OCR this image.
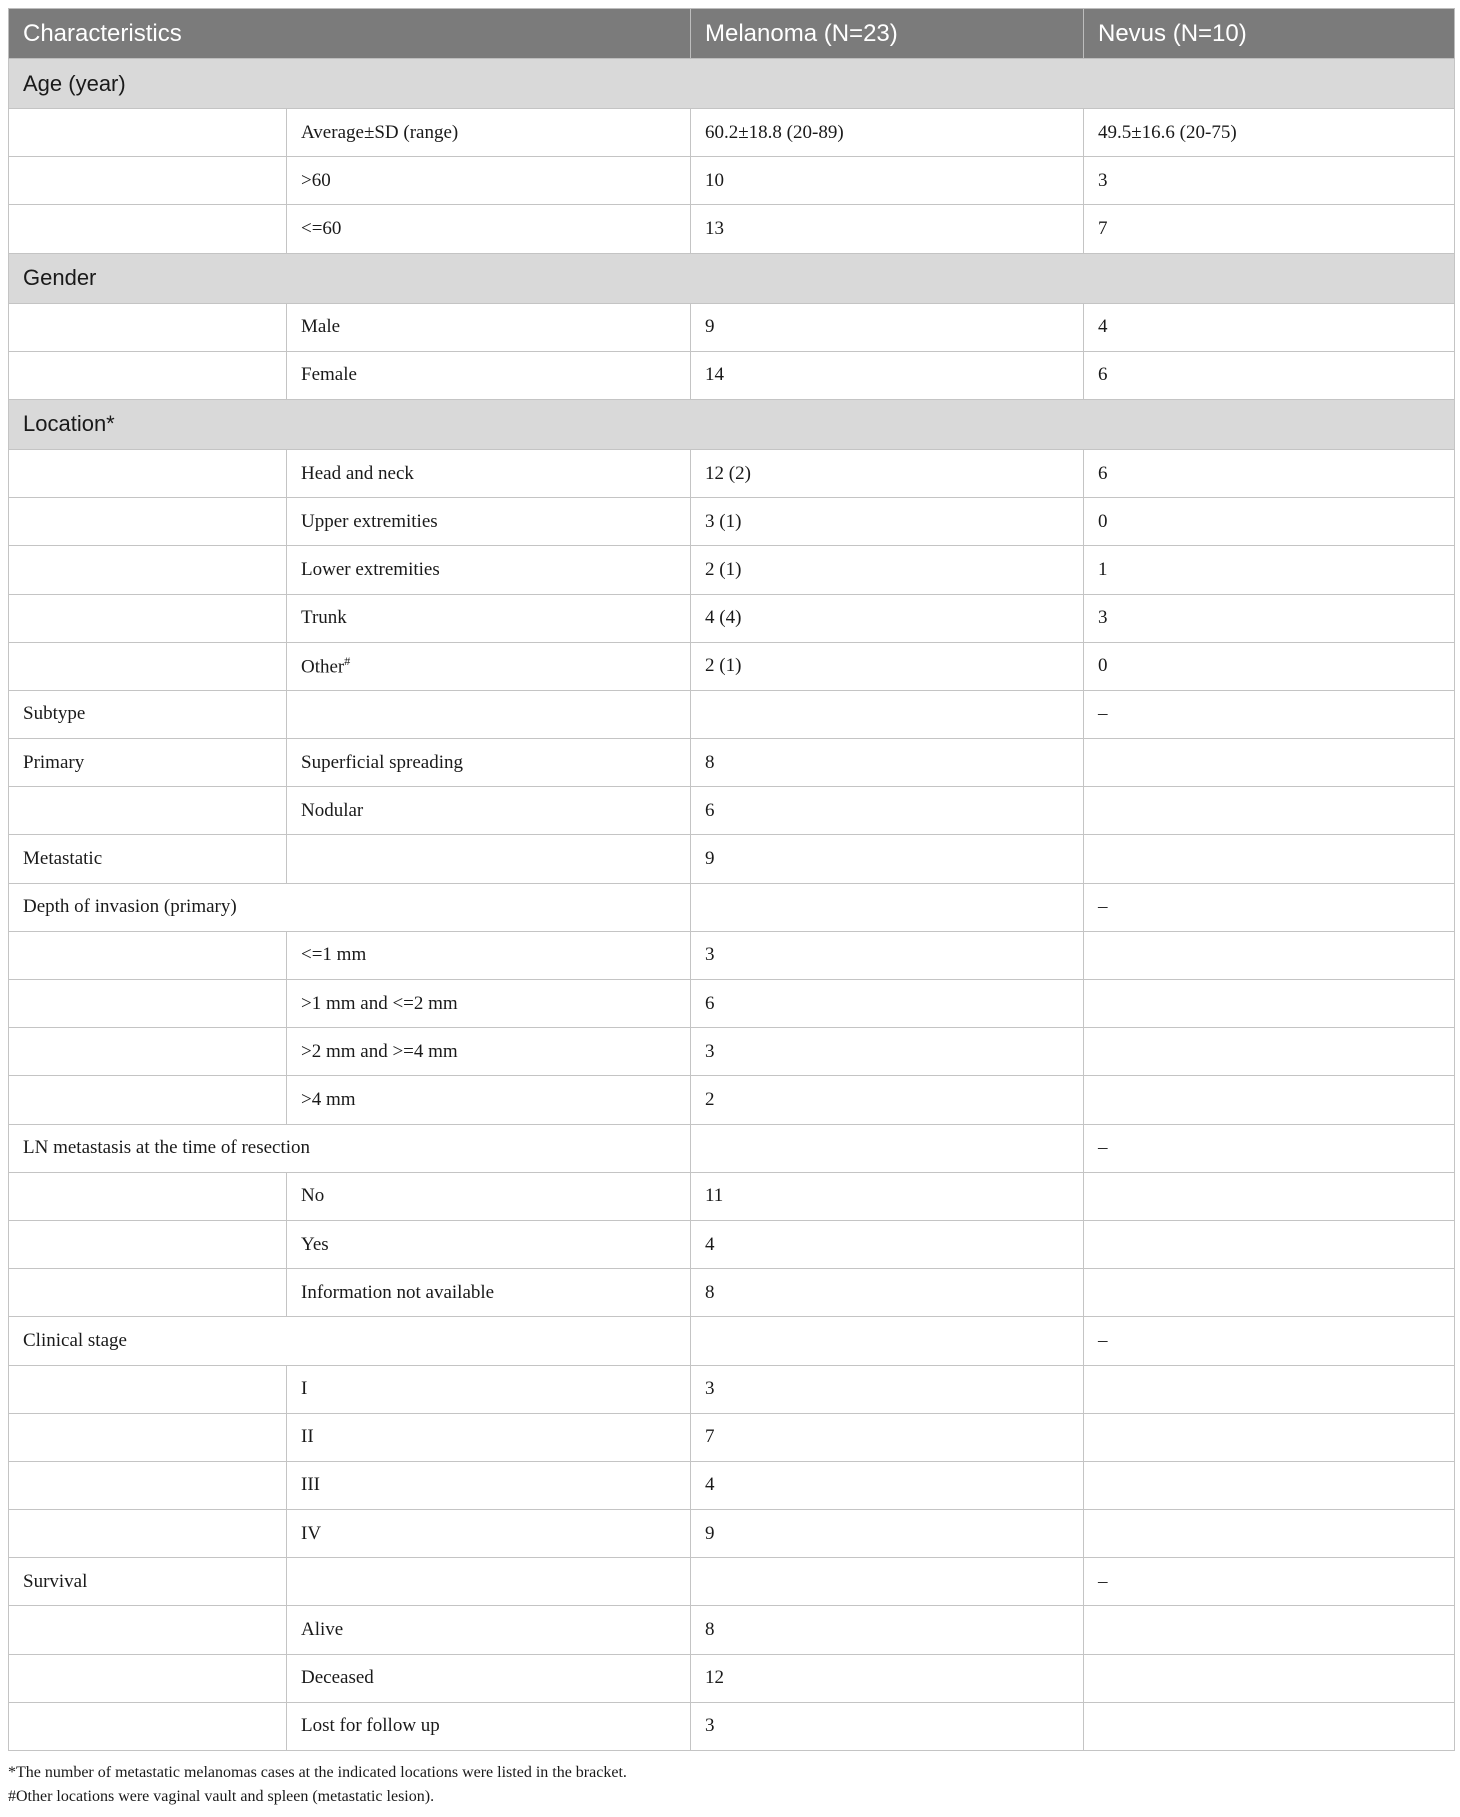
Characteristics		Melanoma (N=23)	Nevus (N=10)
Age (year)			
	Average±SD (range)	60.2±18.8 (20-89)	49.5±16.6 (20-75)
	>60	10	3
	<=60	13	7
Gender			
	Male	9	4
	Female	14	6
Location*			
	Head and neck	12 (2)	6
	Upper extremities	3 (1)	0
	Lower extremities	2 (1)	1
	Trunk	4 (4)	3
	Other#	2 (1)	0
Subtype			–
Primary	Superficial spreading	8	
	Nodular	6	
Metastatic		9	
Depth of invasion (primary)			–
	<=1 mm	3	
	>1 mm and <=2 mm	6	
	>2 mm and >=4 mm	3	
	>4 mm	2	
LN metastasis at the time of resection			–
	No	11	
	Yes	4	
	Information not available	8	
Clinical stage			–
	I	3	
	II	7	
	III	4	
	IV	9	
Survival			–
	Alive	8	
	Deceased	12	
	Lost for follow up	3	
*The number of metastatic melanomas cases at the indicated locations were listed in the bracket.
#Other locations were vaginal vault and spleen (metastatic lesion).
